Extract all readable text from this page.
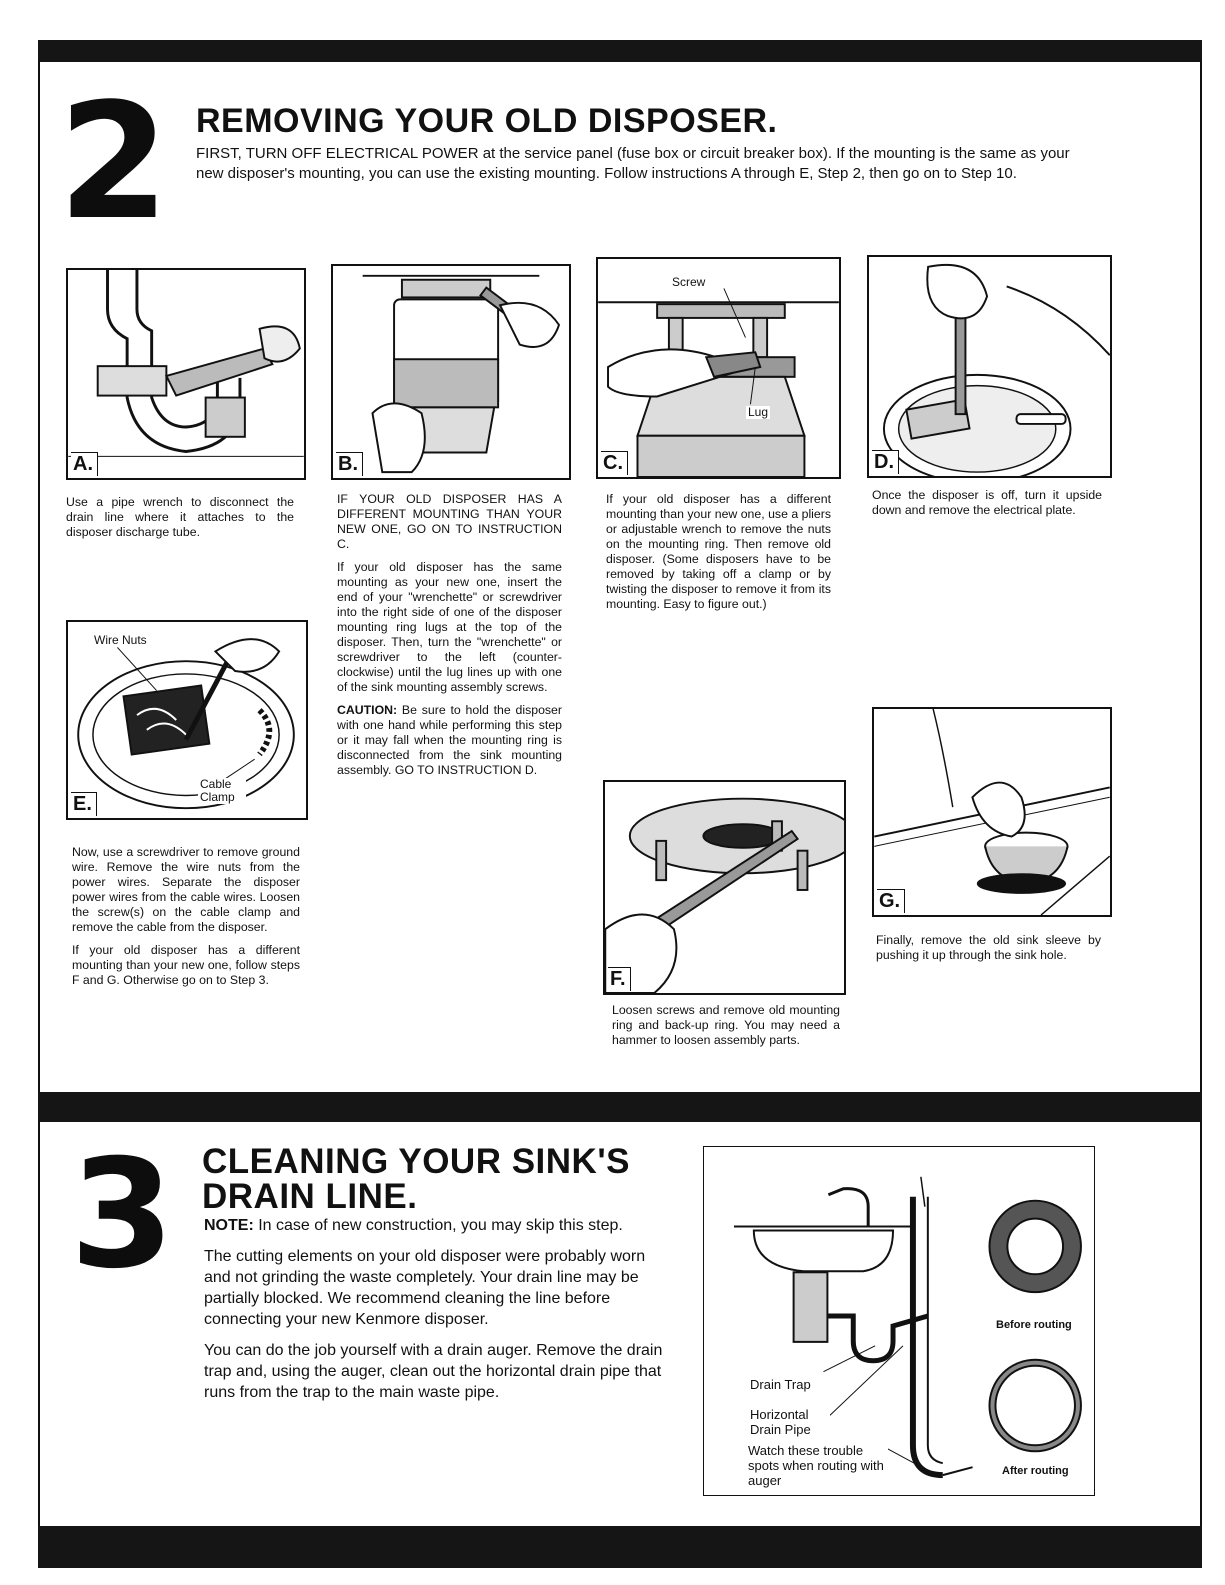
2 REMOVING YOUR OLD DISPOSER.

FIRST, TURN OFF ELECTRICAL POWER at the service panel (fuse box or circuit breaker box). If the mounting is the same as your new disposer's mounting, you can use the existing mounting. Follow instructions A through E, Step 2, then go on to Step 10.

A.

Use a pipe wrench to disconnect the drain line where it attaches to the disposer discharge tube.

B.

IF YOUR OLD DISPOSER HAS A DIFFERENT MOUNTING THAN YOUR NEW ONE, GO ON TO INSTRUCTION C.

If your old disposer has the same mounting as your new one, insert the end of your "wrenchette" or screwdriver into the right side of one of the disposer mounting ring lugs at the top of the disposer. Then, turn the "wrenchette" or screwdriver to the left (counter-clockwise) until the lug lines up with one of the sink mounting assembly screws.

CAUTION: Be sure to hold the disposer with one hand while performing this step or it may fall when the mounting ring is disconnected from the sink mounting assembly. GO TO INSTRUCTION D.

Screw
Lug
C.

If your old disposer has a different mounting than your new one, use a pliers or adjustable wrench to remove the nuts on the mounting ring. Then remove old disposer. (Some disposers have to be removed by taking off a clamp or by twisting the disposer to remove it from its mounting. Easy to figure out.)

D.

Once the disposer is off, turn it upside down and remove the electrical plate.

Wire Nuts
Cable Clamp
E.

Now, use a screwdriver to remove ground wire. Remove the wire nuts from the power wires. Separate the disposer power wires from the cable wires. Loosen the screw(s) on the cable clamp and remove the cable from the disposer.

If your old disposer has a different mounting than your new one, follow steps F and G. Otherwise go on to Step 3.	F.

Loosen screws and remove old mounting ring and back-up ring. You may need a hammer to loosen assembly parts.

G.

Finally, remove the old sink sleeve by pushing it up through the sink hole.

3 CLEANING YOUR SINK'S
DRAIN LINE.

NOTE: In case of new construction, you may skip this step.

The cutting elements on your old disposer were probably worn and not grinding the waste completely. Your drain line may be partially blocked. We recommend cleaning the line before connecting your new Kenmore disposer.

You can do the job yourself with a drain auger. Remove the drain trap and, using the auger, clean out the horizontal drain pipe that runs from the trap to the main waste pipe.	Drain Trap
Horizontal Drain Pipe
Watch these trouble spots when routing with auger
Before routing
After routing
